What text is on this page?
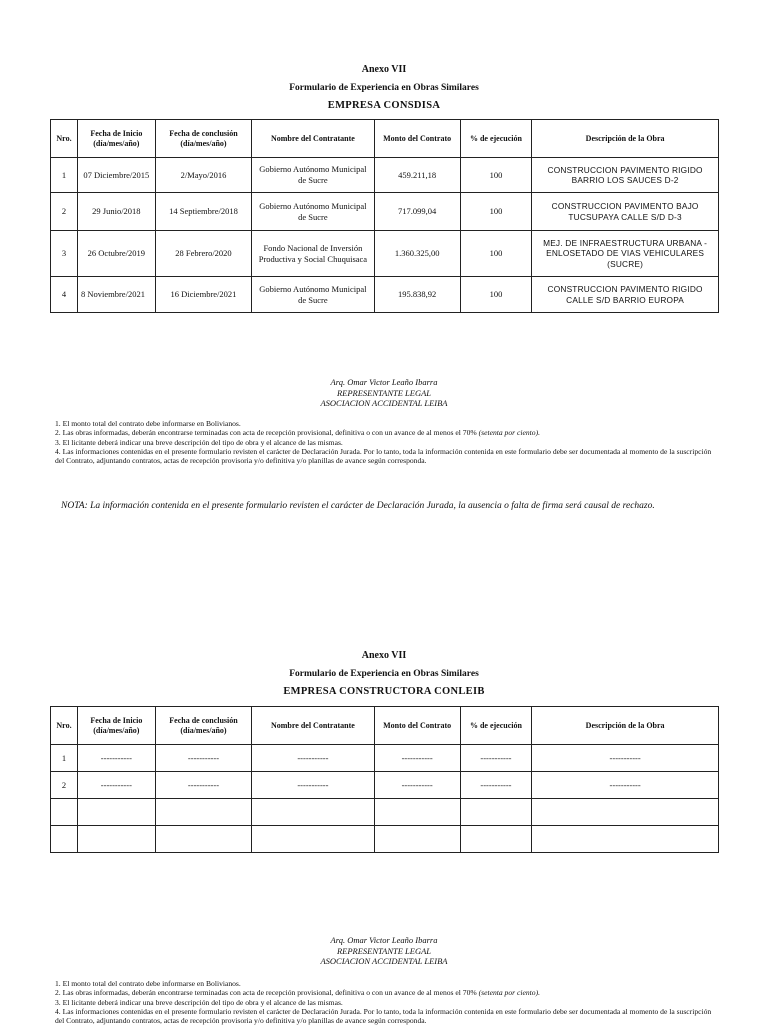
Anexo VII
Formulario de Experiencia en Obras Similares
EMPRESA CONSDISA
Nro.	Fecha de Inicio (día/mes/año)	Fecha de conclusión (día/mes/año)	Nombre del Contratante	Monto del Contrato	% de ejecución	Descripción de la Obra
1	07 Diciembre/2015	2/Mayo/2016	Gobierno Autónomo Municipal de Sucre	459.211,18	100	CONSTRUCCION PAVIMENTO RIGIDO BARRIO LOS SAUCES D-2
2	29 Junio/2018	14 Septiembre/2018	Gobierno Autónomo Municipal de Sucre	717.099,04	100	CONSTRUCCION PAVIMENTO BAJO TUCSUPAYA CALLE S/D D-3
3	26 Octubre/2019	28 Febrero/2020	Fondo Nacional de Inversión Productiva y Social Chuquisaca	1.360.325,00	100	MEJ. DE INFRAESTRUCTURA URBANA - ENLOSETADO DE VIAS VEHICULARES (SUCRE)
4	8 Noviembre/2021	16 Diciembre/2021	Gobierno Autónomo Municipal de Sucre	195.838,92	100	CONSTRUCCION PAVIMENTO RIGIDO CALLE S/D BARRIO EUROPA
Arq. Omar Victor Leaño Ibarra
REPRESENTANTE LEGAL
ASOCIACION ACCIDENTAL LEIBA
1. El monto total del contrato debe informarse en Bolivianos.
2. Las obras informadas, deberán encontrarse terminadas con acta de recepción provisional, definitiva o con un avance de al menos el 70% (setenta por ciento).
3. El licitante deberá indicar una breve descripción del tipo de obra y el alcance de las mismas.
4. Las informaciones contenidas en el presente formulario revisten el carácter de Declaración Jurada. Por lo tanto, toda la información contenida en este formulario debe ser documentada al momento de la suscripción del Contrato, adjuntando contratos, actas de recepción provisoria y/o definitiva y/o planillas de avance según corresponda.
NOTA: La información contenida en el presente formulario revisten el carácter de Declaración Jurada, la ausencia o falta de firma será causal de rechazo.
Anexo VII
Formulario de Experiencia en Obras Similares
EMPRESA CONSTRUCTORA CONLEIB
Nro.	Fecha de Inicio (día/mes/año)	Fecha de conclusión (día/mes/año)	Nombre del Contratante	Monto del Contrato	% de ejecución	Descripción de la Obra
1	-----------	-----------	-----------	-----------	-----------	-----------
2	-----------	-----------	-----------	-----------	-----------	-----------

Arq. Omar Victor Leaño Ibarra
REPRESENTANTE LEGAL
ASOCIACION ACCIDENTAL LEIBA
1. El monto total del contrato debe informarse en Bolivianos.
2. Las obras informadas, deberán encontrarse terminadas con acta de recepción provisional, definitiva o con un avance de al menos el 70% (setenta por ciento).
3. El licitante deberá indicar una breve descripción del tipo de obra y el alcance de las mismas.
4. Las informaciones contenidas en el presente formulario revisten el carácter de Declaración Jurada. Por lo tanto, toda la información contenida en este formulario debe ser documentada al momento de la suscripción del Contrato, adjuntando contratos, actas de recepción provisoria y/o definitiva y/o planillas de avance según corresponda.
